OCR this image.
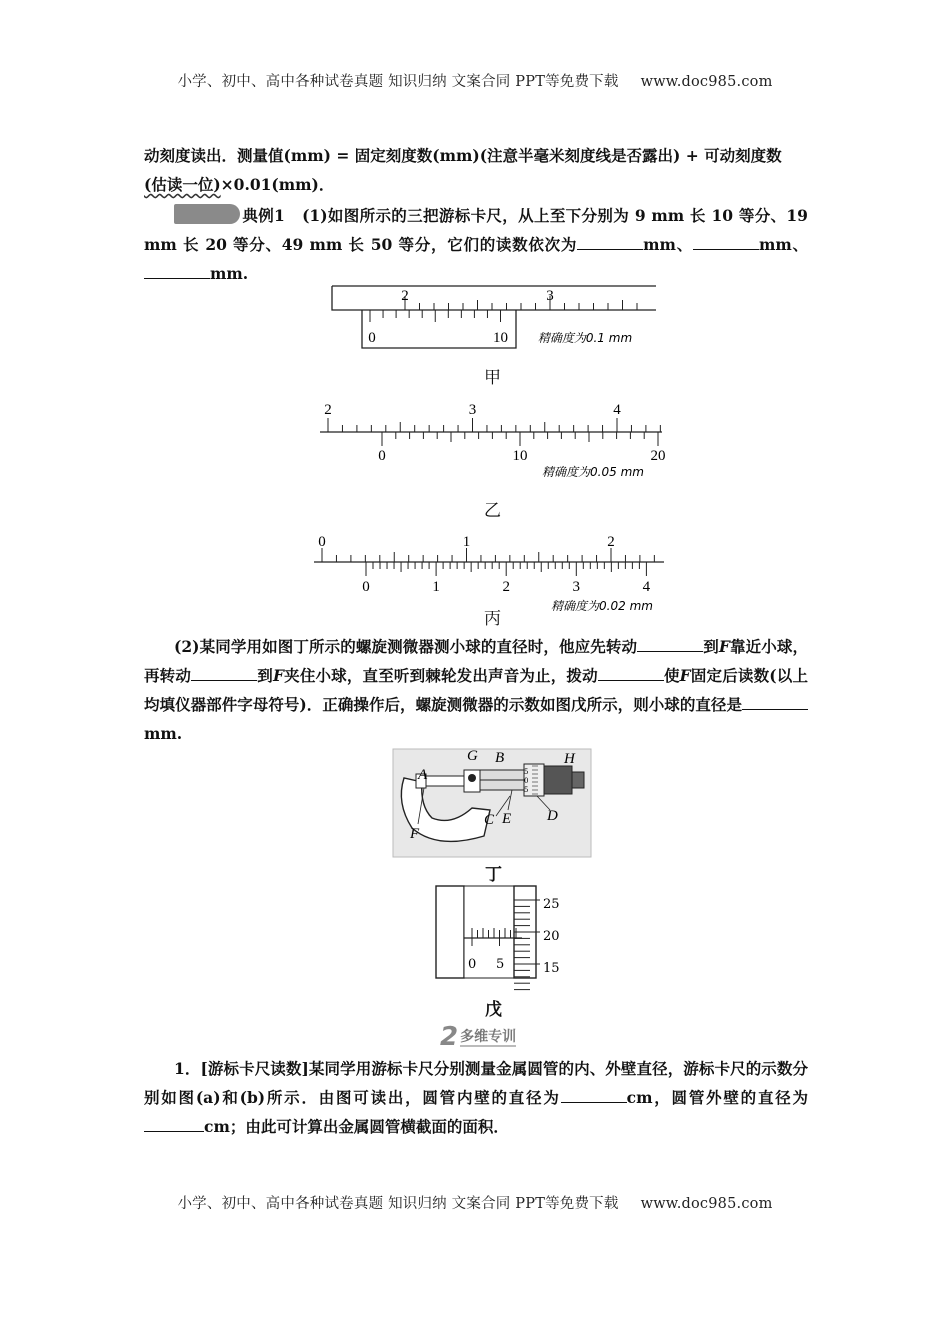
小学、初中、高中各种试卷真题 知识归纳 文案合同 PPT等免费下载 www.doc985.com
小学、初中、高中各种试卷真题 知识归纳 文案合同 PPT等免费下载 www.doc985.com
动刻度读出．测量值(mm) = 固定刻度数(mm)(注意半毫米刻度线是否露出) + 可动刻度数
(估读一位)×0.01(mm)．
典例1 (1)如图所示的三把游标卡尺，从上至下分别为 9 mm 长 10 等分、19 mm 长 20 等分、49 mm 长 50 等分，它们的读数依次为	mm、	mm、mm.
2	3
0	10 精确度为0.1 mm
甲
2	3	4
0	10	20
精确度为0.05 mm
乙
0	1	2
0	1	2	3	4
精确度为0.02 mm
丙
(2)某同学用如图丁所示的螺旋测微器测小球的直径时，他应先转动	到F靠近小球，再转动	到F夹住小球，直至听到棘轮发出声音为止，拨动	使F固定后读数(以上均填仪器部件字母符号)．正确操作后，螺旋测微器的示数如图戊所示，则小球的直径是mm.
5
0
5
A
G B	H
F
C E D
丁
0 5
25
20
15
戊
2 多维专训
1．[游标卡尺读数]某同学用游标卡尺分别测量金属圆管的内、外壁直径，游标卡尺的示数分别如图(a)和(b)所示．由图可读出，圆管内壁的直径为	cm，圆管外壁的直径为cm；由此可计算出金属圆管横截面的面积．
